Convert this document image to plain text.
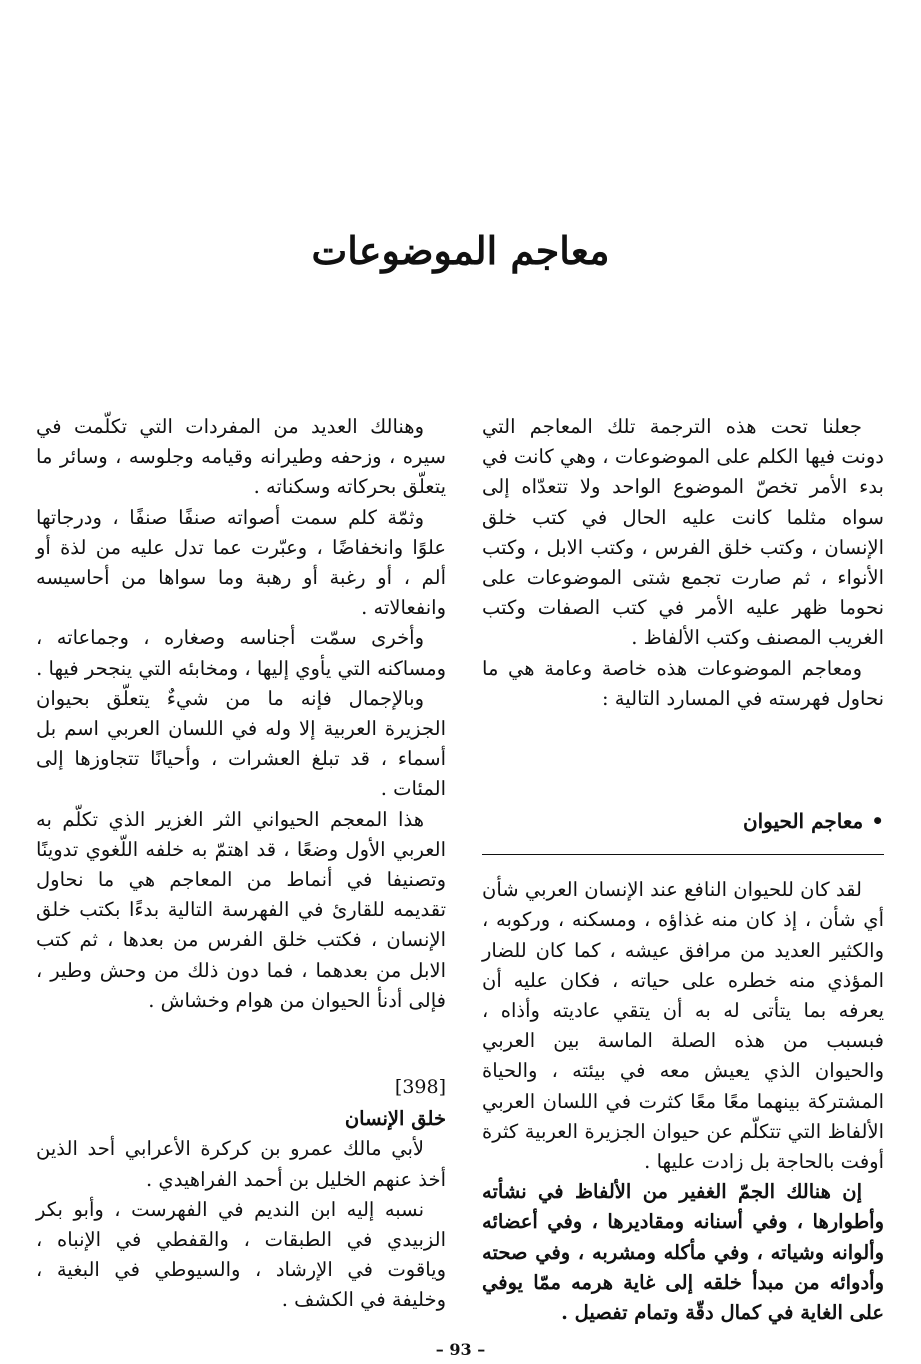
معاجم الموضوعات

جعلنا تحت هذه الترجمة تلك المعاجم التي دونت فيها الكلم على الموضوعات ، وهي كانت في بدء الأمر تخصّ الموضوع الواحد ولا تتعدّاه إلى سواه مثلما كانت عليه الحال في كتب خلق الإنسان ، وكتب خلق الفرس ، وكتب الابل ، وكتب الأنواء ، ثم صارت تجمع شتى الموضوعات على نحوما ظهر عليه الأمر في كتب الصفات وكتب الغريب المصنف وكتب الألفاظ .

ومعاجم الموضوعات هذه خاصة وعامة هي ما نحاول فهرسته في المسارد التالية :

•معاجم الحيوان

لقد كان للحيوان النافع عند الإنسان العربي شأن أي شأن ، إذ كان منه غذاؤه ، ومسكنه ، وركوبه ، والكثير العديد من مرافق عيشه ، كما كان للضار المؤذي منه خطره على حياته ، فكان عليه أن يعرفه بما يتأتى له به أن يتقي عاديته وأذاه ، فبسبب من هذه الصلة الماسة بين العربي والحيوان الذي يعيش معه في بيئته ، والحياة المشتركة بينهما معًا معًا كثرت في اللسان العربي الألفاظ التي تتكلّم عن حيوان الجزيرة العربية كثرة أوفت بالحاجة بل زادت عليها .

إن هنالك الجمّ الغفير من الألفاظ في نشأته وأطوارها ، وفي أسنانه ومقاديرها ، وفي أعضائه وألوانه وشياته ، وفي مأكله ومشربه ، وفي صحته وأدوائه من مبدأ خلقه إلى غاية هرمه ممّا يوفي على الغاية في كمال دقّة وتمام تفصيل .

وهنالك العديد من المفردات التي تكلّمت في سيره ، وزحفه وطيرانه وقيامه وجلوسه ، وسائر ما يتعلّق بحركاته وسكناته .

وثمّة كلم سمت أصواته صنفًا صنفًا ، ودرجاتها علوًا وانخفاضًا ، وعبّرت عما تدل عليه من لذة أو ألم ، أو رغبة أو رهبة وما سواها من أحاسيسه وانفعالاته .

وأخرى سمّت أجناسه وصغاره ، وجماعاته ، ومساكنه التي يأوي إليها ، ومخابئه التي ينجحر فيها .

وبالإجمال فإنه ما من شيءٌ يتعلّق بحيوان الجزيرة العربية إلا وله في اللسان العربي اسم بل أسماء ، قد تبلغ العشرات ، وأحيانًا تتجاوزها إلى المئات .

هذا المعجم الحيواني الثر الغزير الذي تكلّم به العربي الأول وضعًا ، قد اهتمّ به خلفه اللّغوي تدوينًا وتصنيفا في أنماط من المعاجم هي ما نحاول تقديمه للقارئ في الفهرسة التالية بدءًا بكتب خلق الإنسان ، فكتب خلق الفرس من بعدها ، ثم كتب الابل من بعدهما ، فما دون ذلك من وحش وطير ، فإلى أدنأ الحيوان من هوام وخشاش .

[398]
خلق الإنسان

لأبي مالك عمرو بن كركرة الأعرابي أحد الذين أخذ عنهم الخليل بن أحمد الفراهيدي .

نسبه إليه ابن النديم في الفهرست ، وأبو بكر الزبيدي في الطبقات ، والقفطي في الإنباه ، وياقوت في الإرشاد ، والسيوطي في البغية ، وخليفة في الكشف .

– 93 –
